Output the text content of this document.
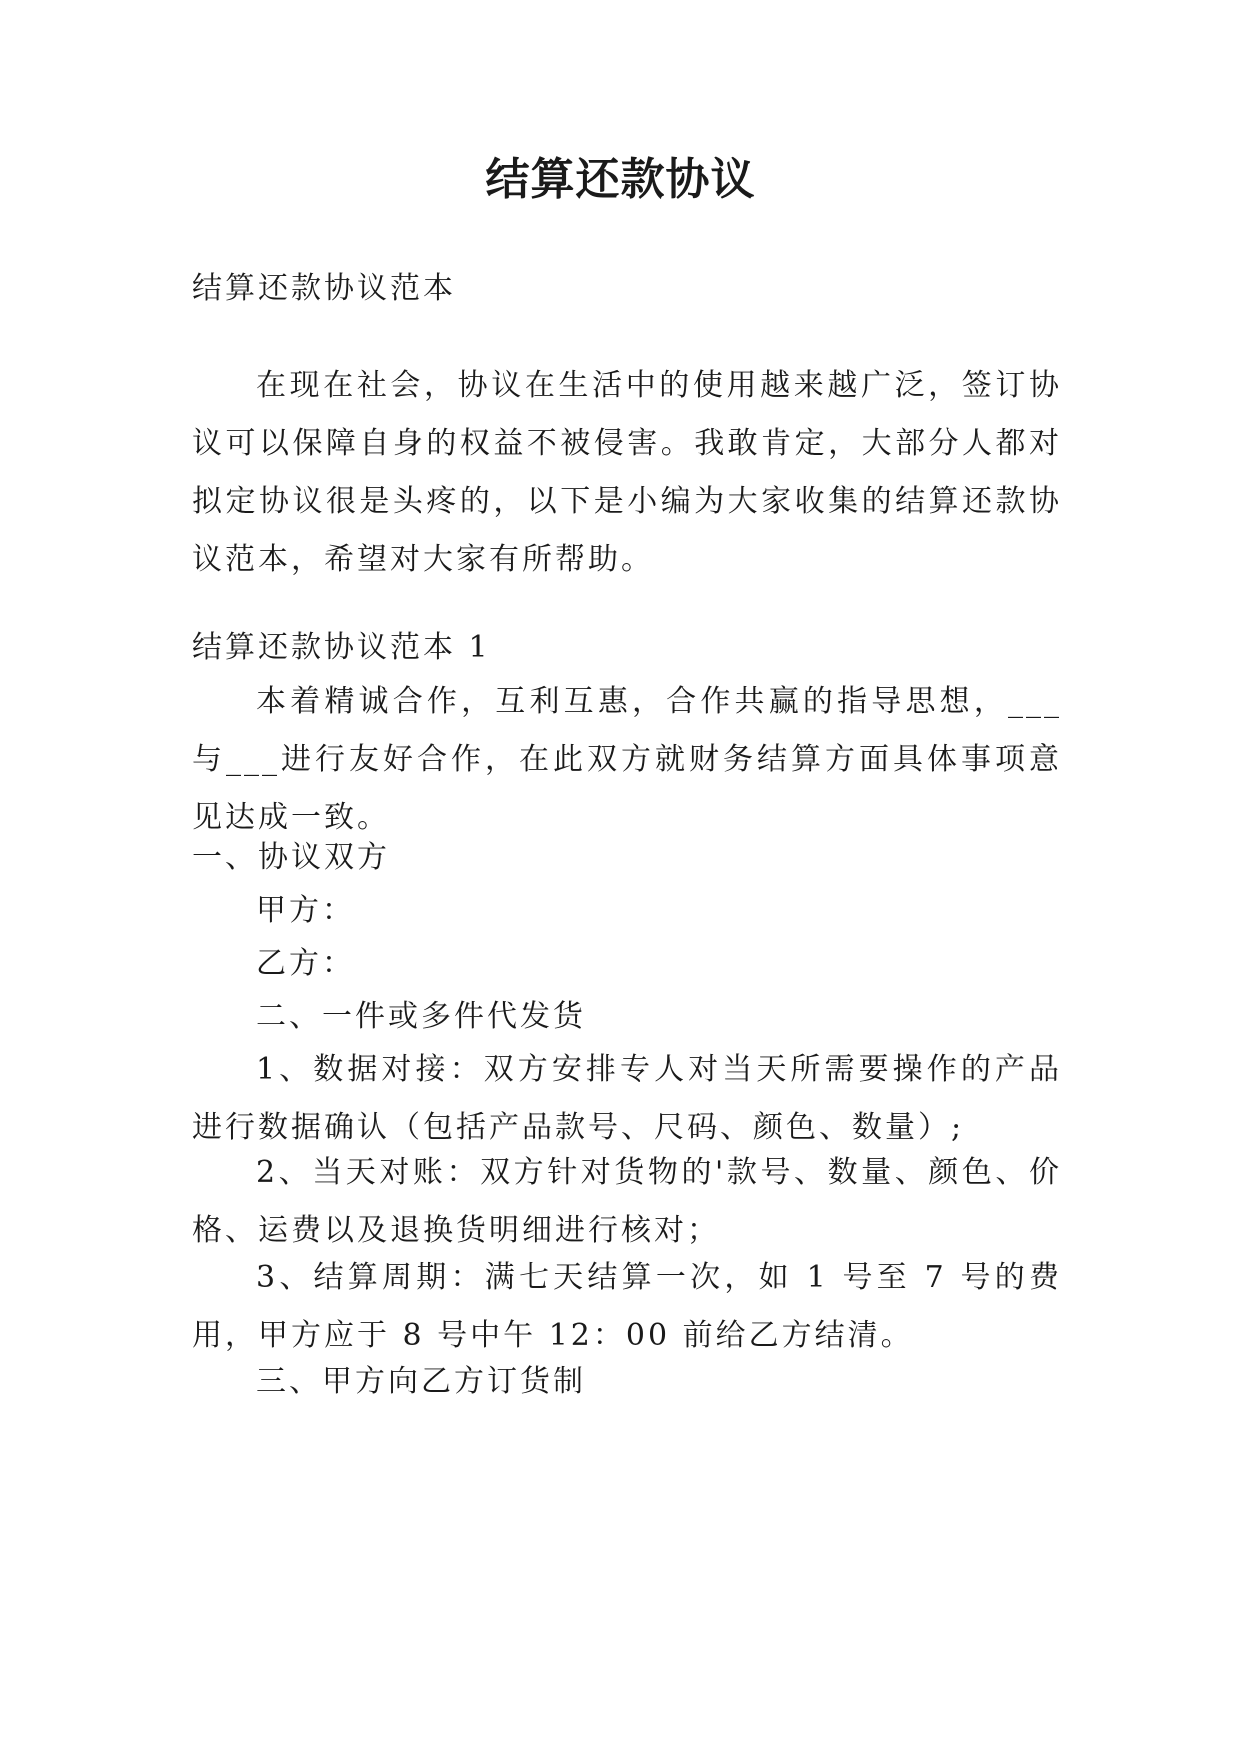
结算还款协议
结算还款协议范本
在现在社会，协议在生活中的使用越来越广泛，签订协议可以保障自身的权益不被侵害。我敢肯定，大部分人都对拟定协议很是头疼的，以下是小编为大家收集的结算还款协议范本，希望对大家有所帮助。
结算还款协议范本 1
本着精诚合作，互利互惠，合作共赢的指导思想，___与___进行友好合作，在此双方就财务结算方面具体事项意见达成一致。
一、协议双方
甲方：
乙方：
二、一件或多件代发货
1、数据对接：双方安排专人对当天所需要操作的产品进行数据确认（包括产品款号、尺码、颜色、数量）;
2、当天对账：双方针对货物的'款号、数量、颜色、价格、运费以及退换货明细进行核对；
3、结算周期：满七天结算一次，如 1 号至 7 号的费用，甲方应于 8 号中午 12：00 前给乙方结清。
三、甲方向乙方订货制
